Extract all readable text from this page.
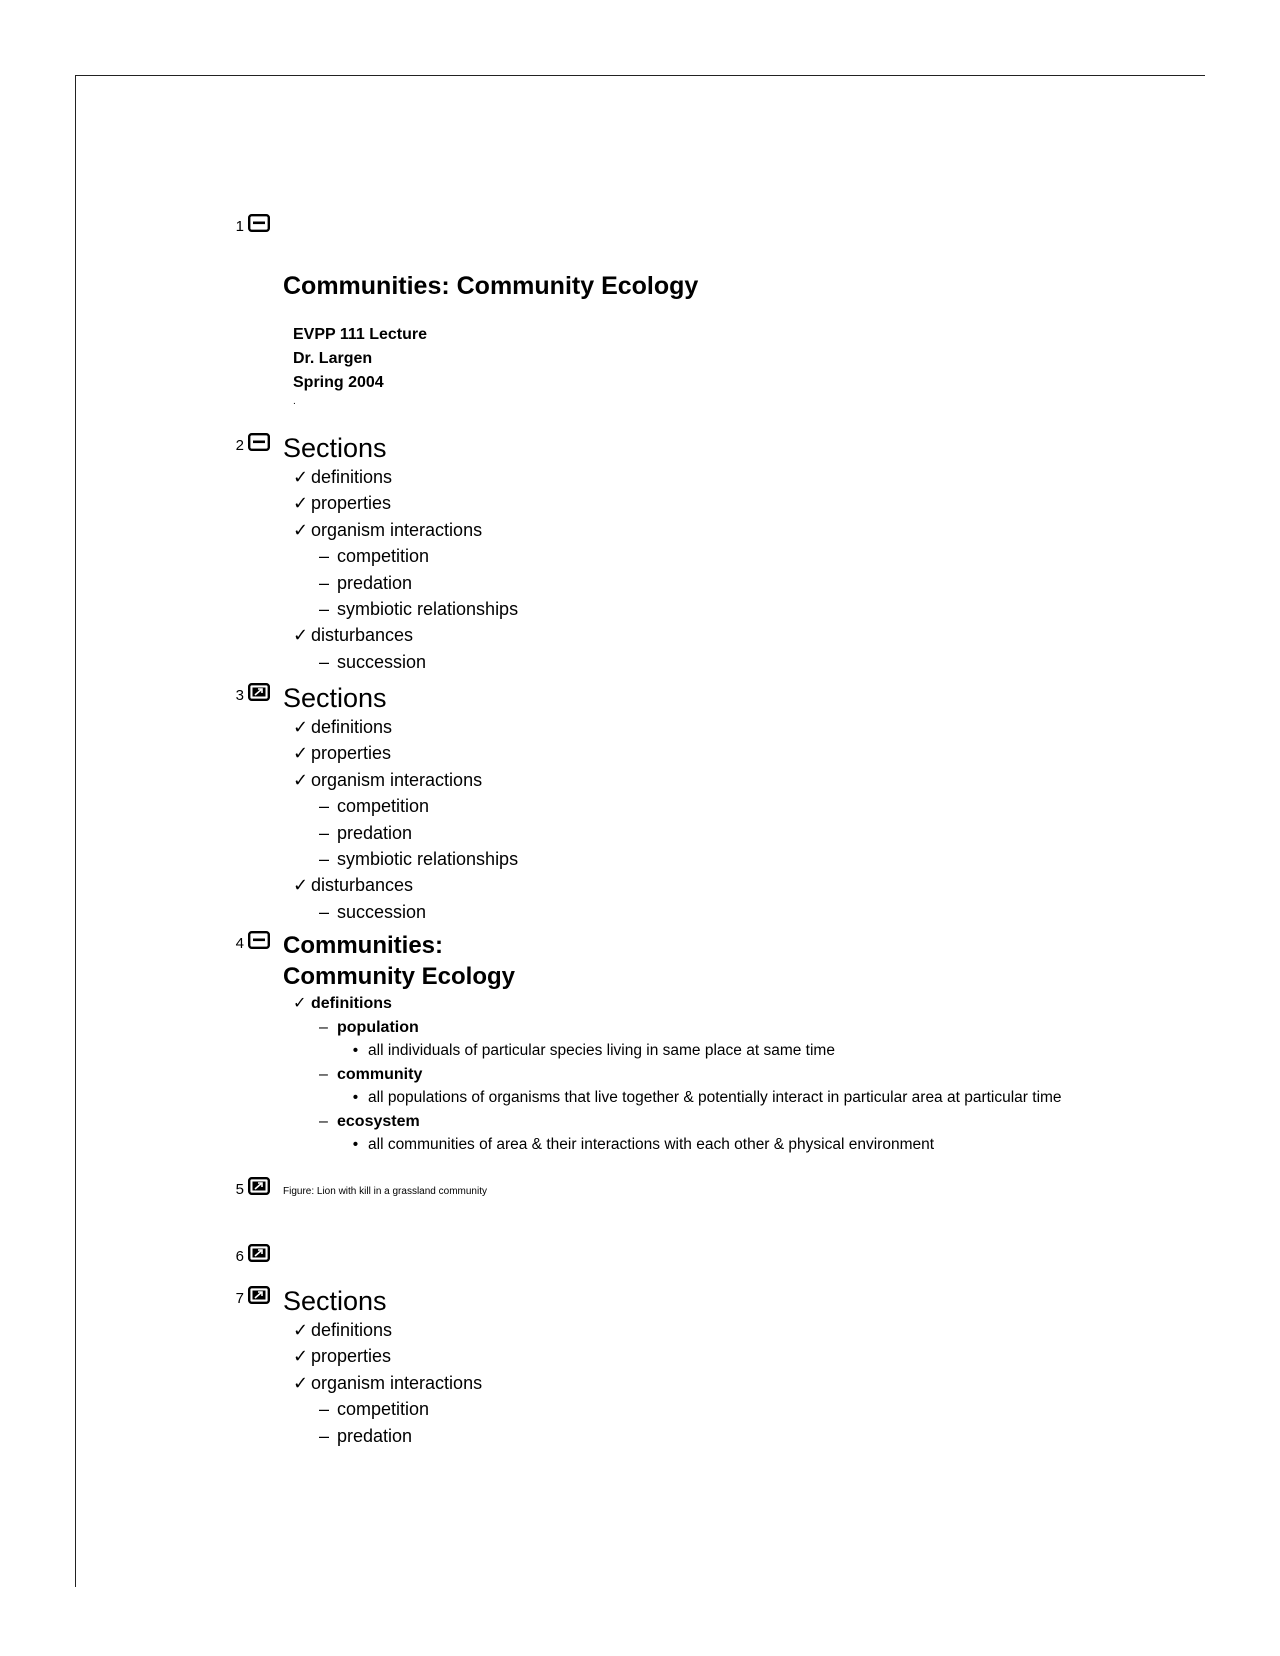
1
Communities: Community Ecology
EVPP 111 Lecture
Dr. Largen
Spring 2004
.
2 Sections
✓ definitions
✓ properties
✓ organism interactions
– competition
– predation
– symbiotic relationships
✓ disturbances
– succession
3 Sections
✓ definitions
✓ properties
✓ organism interactions
– competition
– predation
– symbiotic relationships
✓ disturbances
– succession
4 Communities:
Community Ecology
✓ definitions
– population
• all individuals of particular species living in same place at same time
– community
• all populations of organisms that live together & potentially interact in particular area at particular time
– ecosystem
• all communities of area & their interactions with each other & physical environment
5	Figure: Lion with kill in a grassland community
6
7 Sections
✓ definitions
✓ properties
✓ organism interactions
– competition
– predation
